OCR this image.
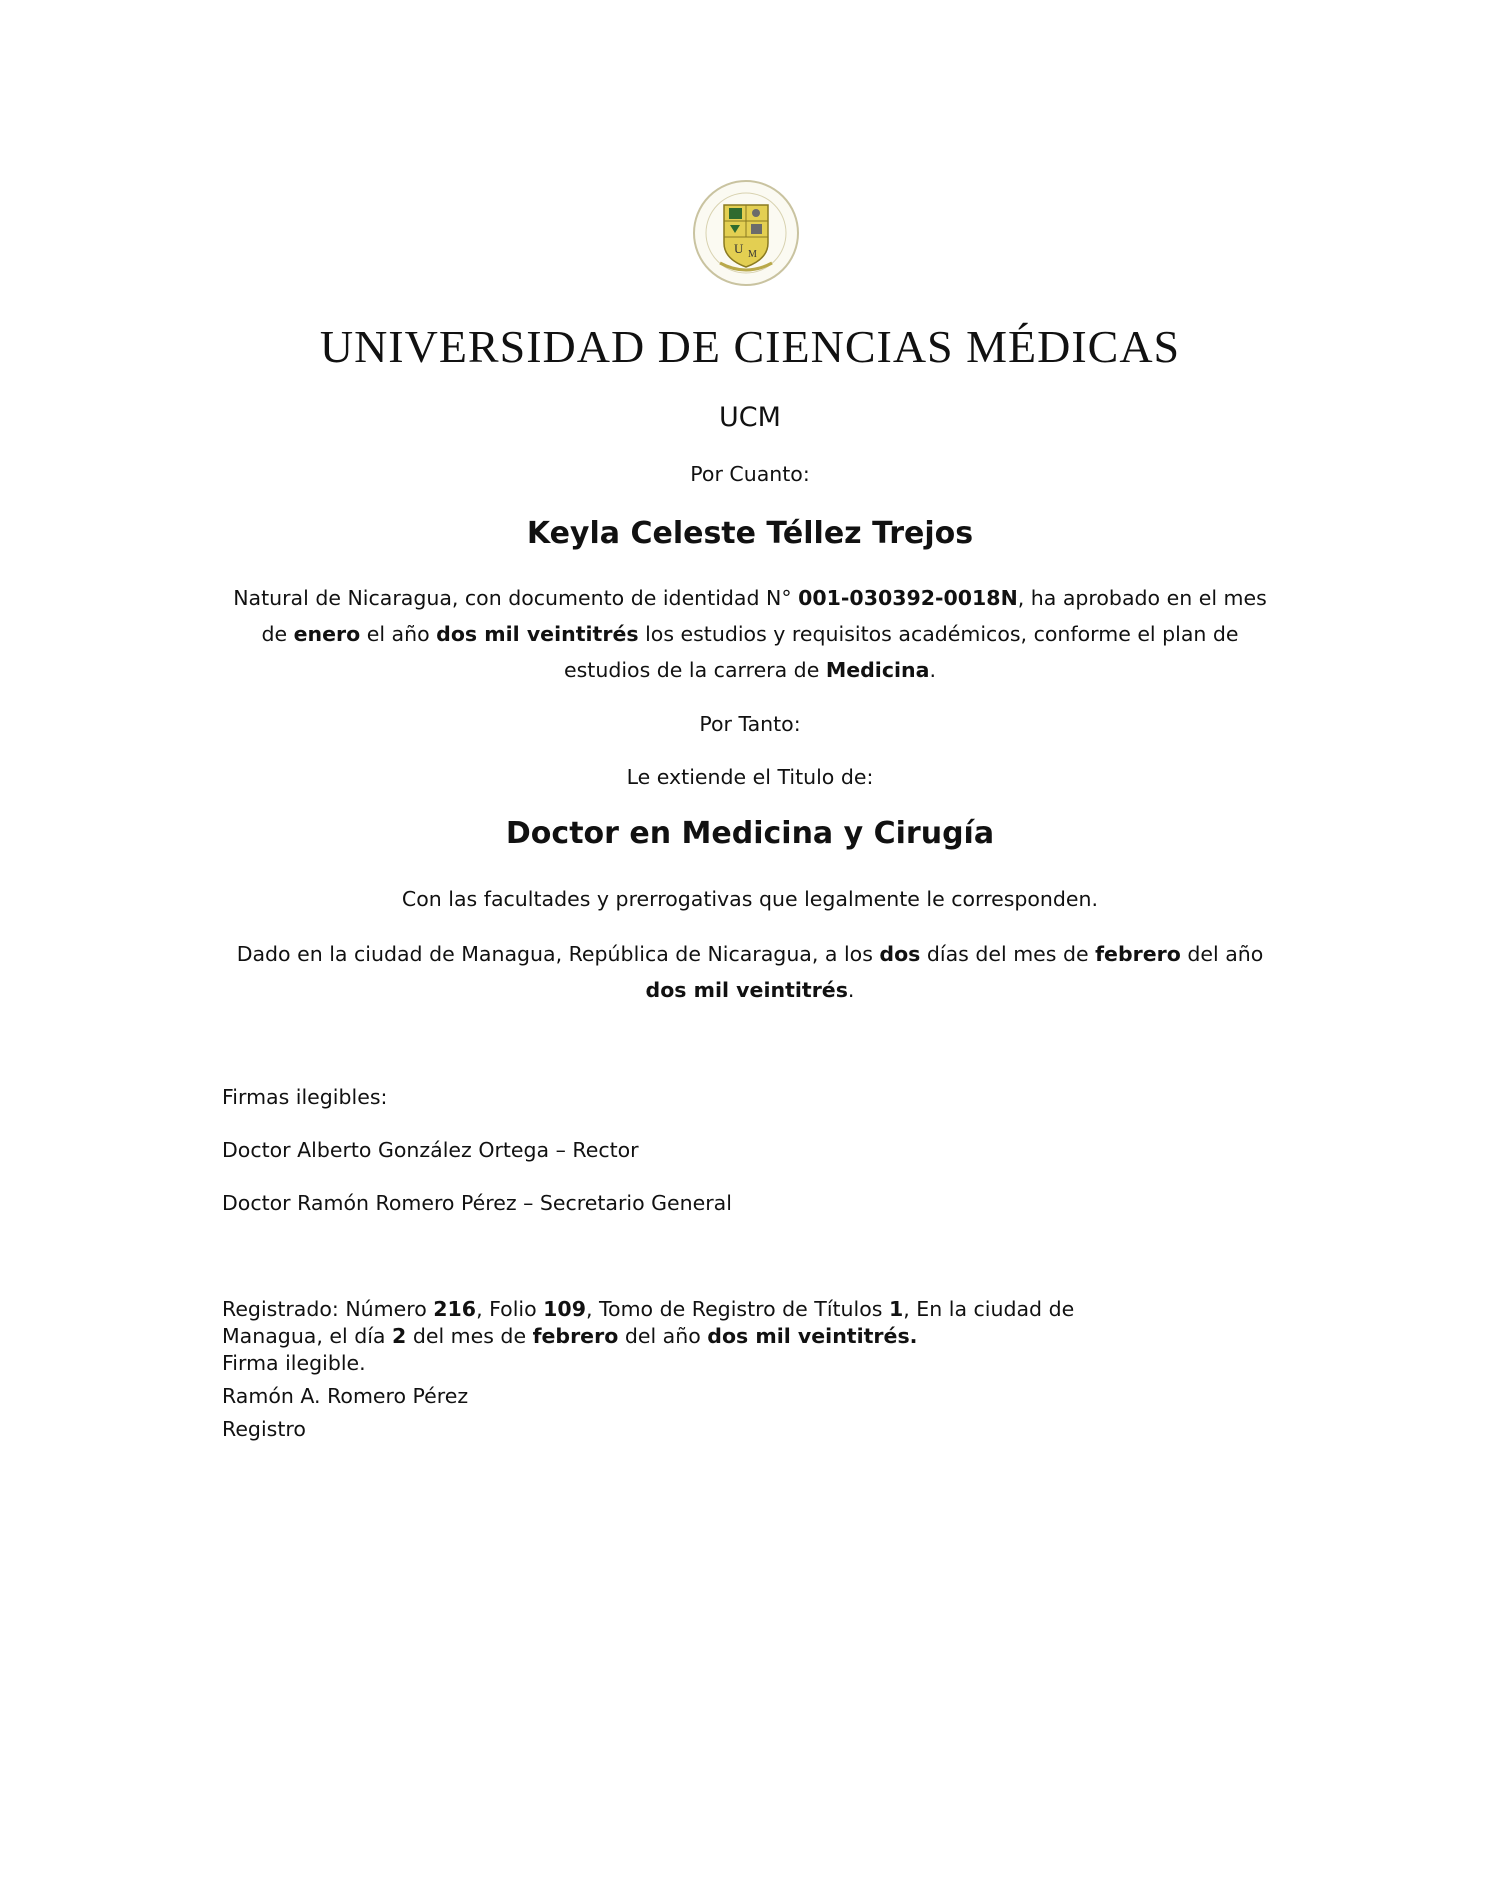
U M
UNIVERSIDAD DE CIENCIAS MÉDICAS
UCM
Por Cuanto:
Keyla Celeste Téllez Trejos
Natural de Nicaragua, con documento de identidad N° 001-030392-0018N, ha aprobado en el mes de enero el año dos mil veintitrés los estudios y requisitos académicos, conforme el plan de estudios de la carrera de Medicina.
Por Tanto:
Le extiende el Titulo de:
Doctor en Medicina y Cirugía
Con las facultades y prerrogativas que legalmente le corresponden.
Dado en la ciudad de Managua, República de Nicaragua, a los dos días del mes de febrero del año dos mil veintitrés.
Firmas ilegibles:
Doctor Alberto González Ortega – Rector
Doctor Ramón Romero Pérez – Secretario General
Registrado: Número 216, Folio 109, Tomo de Registro de Títulos 1, En la ciudad de Managua, el día 2 del mes de febrero del año dos mil veintitrés.
Firma ilegible.
Ramón A. Romero Pérez
Registro
